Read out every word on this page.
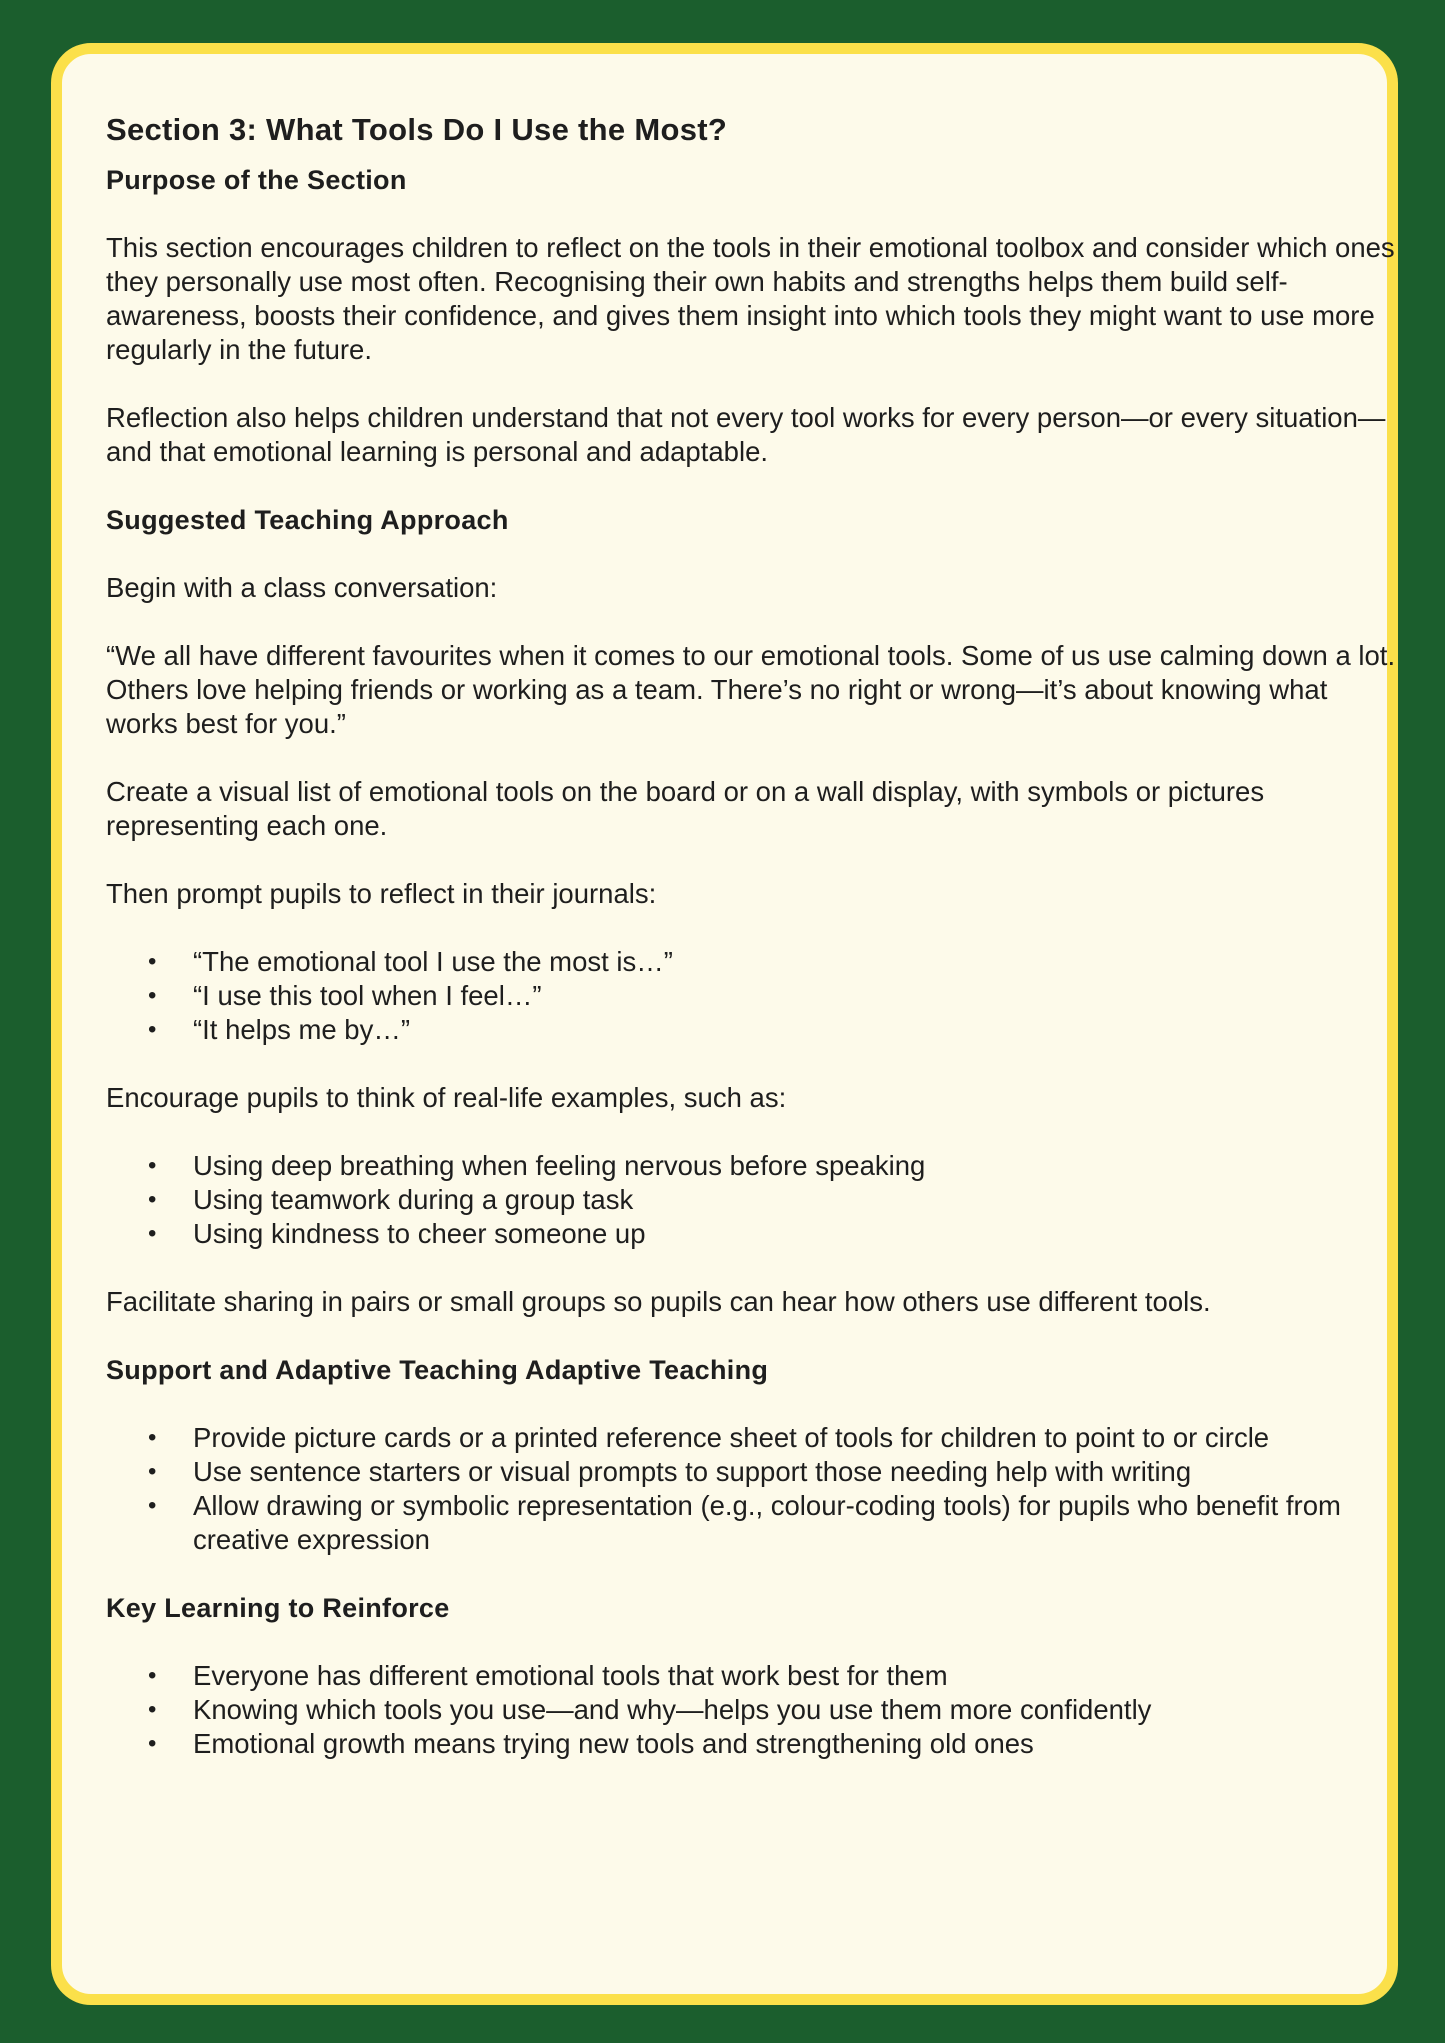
Section 3: What Tools Do I Use the Most?
Purpose of the Section

This section encourages children to reflect on the tools in their emotional toolbox and consider which ones they personally use most often. Recognising their own habits and strengths helps them build self-awareness, boosts their confidence, and gives them insight into which tools they might want to use more regularly in the future.

Reflection also helps children understand that not every tool works for every person—or every situation—and that emotional learning is personal and adaptable.

Suggested Teaching Approach

Begin with a class conversation:

“We all have different favourites when it comes to our emotional tools. Some of us use calming down a lot. Others love helping friends or working as a team. There’s no right or wrong—it’s about knowing what works best for you.”

Create a visual list of emotional tools on the board or on a wall display, with symbols or pictures representing each one.

Then prompt pupils to reflect in their journals:

• “The emotional tool I use the most is…”
• “I use this tool when I feel…”
• “It helps me by…”

Encourage pupils to think of real-life examples, such as:

• Using deep breathing when feeling nervous before speaking
• Using teamwork during a group task
• Using kindness to cheer someone up

Facilitate sharing in pairs or small groups so pupils can hear how others use different tools.

Support and Adaptive Teaching Adaptive Teaching
• Provide picture cards or a printed reference sheet of tools for children to point to or circle
• Use sentence starters or visual prompts to support those needing help with writing
• Allow drawing or symbolic representation (e.g., colour-coding tools) for pupils who benefit from creative expression
Key Learning to Reinforce
• Everyone has different emotional tools that work best for them
• Knowing which tools you use—and why—helps you use them more confidently
• Emotional growth means trying new tools and strengthening old ones
